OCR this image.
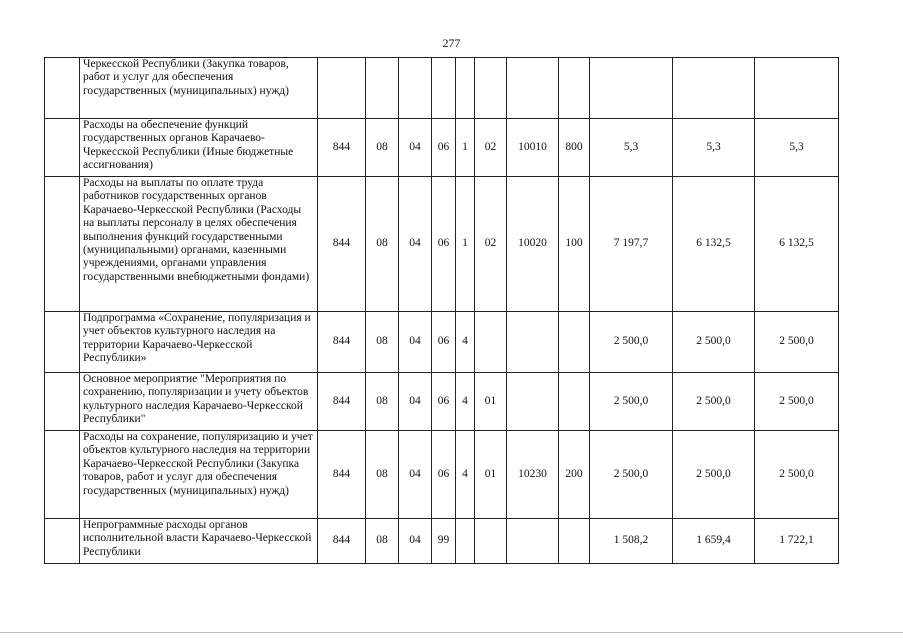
277
	Черкесской Республики (Закупка товаров, работ и услуг для обеспечения государственных (муниципальных) нужд)											
	Расходы на обеспечение функций государственных органов Карачаево-Черкесской Республики (Иные бюджетные ассигнования)	844	08	04	06	1	02	10010	800	5,3	5,3	5,3
	Расходы на выплаты по оплате труда работников государственных органов Карачаево-Черкесской Республики (Расходы на выплаты персоналу в целях обеспечения выполнения функций государственными (муниципальными) органами, казенными учреждениями, органами управления государственными внебюджетными фондами)	844	08	04	06	1	02	10020	100	7 197,7	6 132,5	6 132,5
	Подпрограмма «Сохранение, популяризация и учет объектов культурного наследия на территории Карачаево-Черкесской Республики»	844	08	04	06	4				2 500,0	2 500,0	2 500,0
	Основное мероприятие "Мероприятия по сохранению, популяризации и учету объектов культурного наследия Карачаево-Черкесской Республики"	844	08	04	06	4	01			2 500,0	2 500,0	2 500,0
	Расходы на сохранение, популяризацию и учет объектов культурного наследия на территории Карачаево-Черкесской Республики (Закупка товаров, работ и услуг для обеспечения государственных (муниципальных) нужд)	844	08	04	06	4	01	10230	200	2 500,0	2 500,0	2 500,0
	Непрограммные расходы органов исполнительной власти Карачаево-Черкесской Республики	844	08	04	99					1 508,2	1 659,4	1 722,1
